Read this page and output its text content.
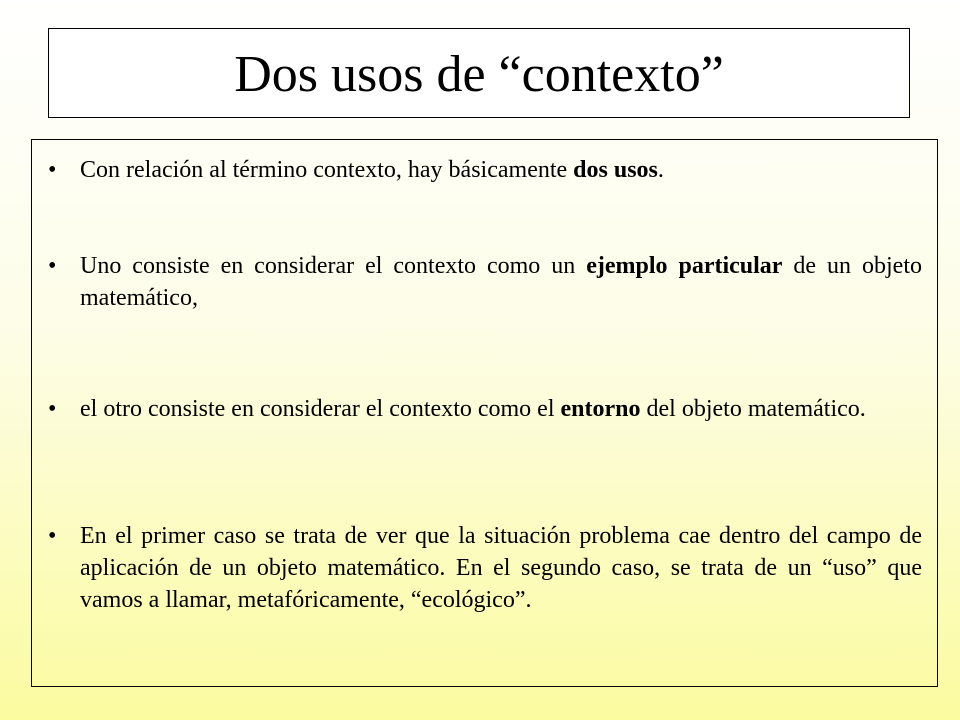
Dos usos de “contexto”
• Con relación al término contexto, hay básicamente dos usos.
• Uno consiste en considerar el contexto como un ejemplo particular de un objeto matemático,
• el otro consiste en considerar el contexto como el entorno del objeto matemático.
• En el primer caso se trata de ver que la situación problema cae dentro del campo de aplicación de un objeto matemático. En el segundo caso, se trata de un “uso” que vamos a llamar, metafóricamente, “ecológico”.
